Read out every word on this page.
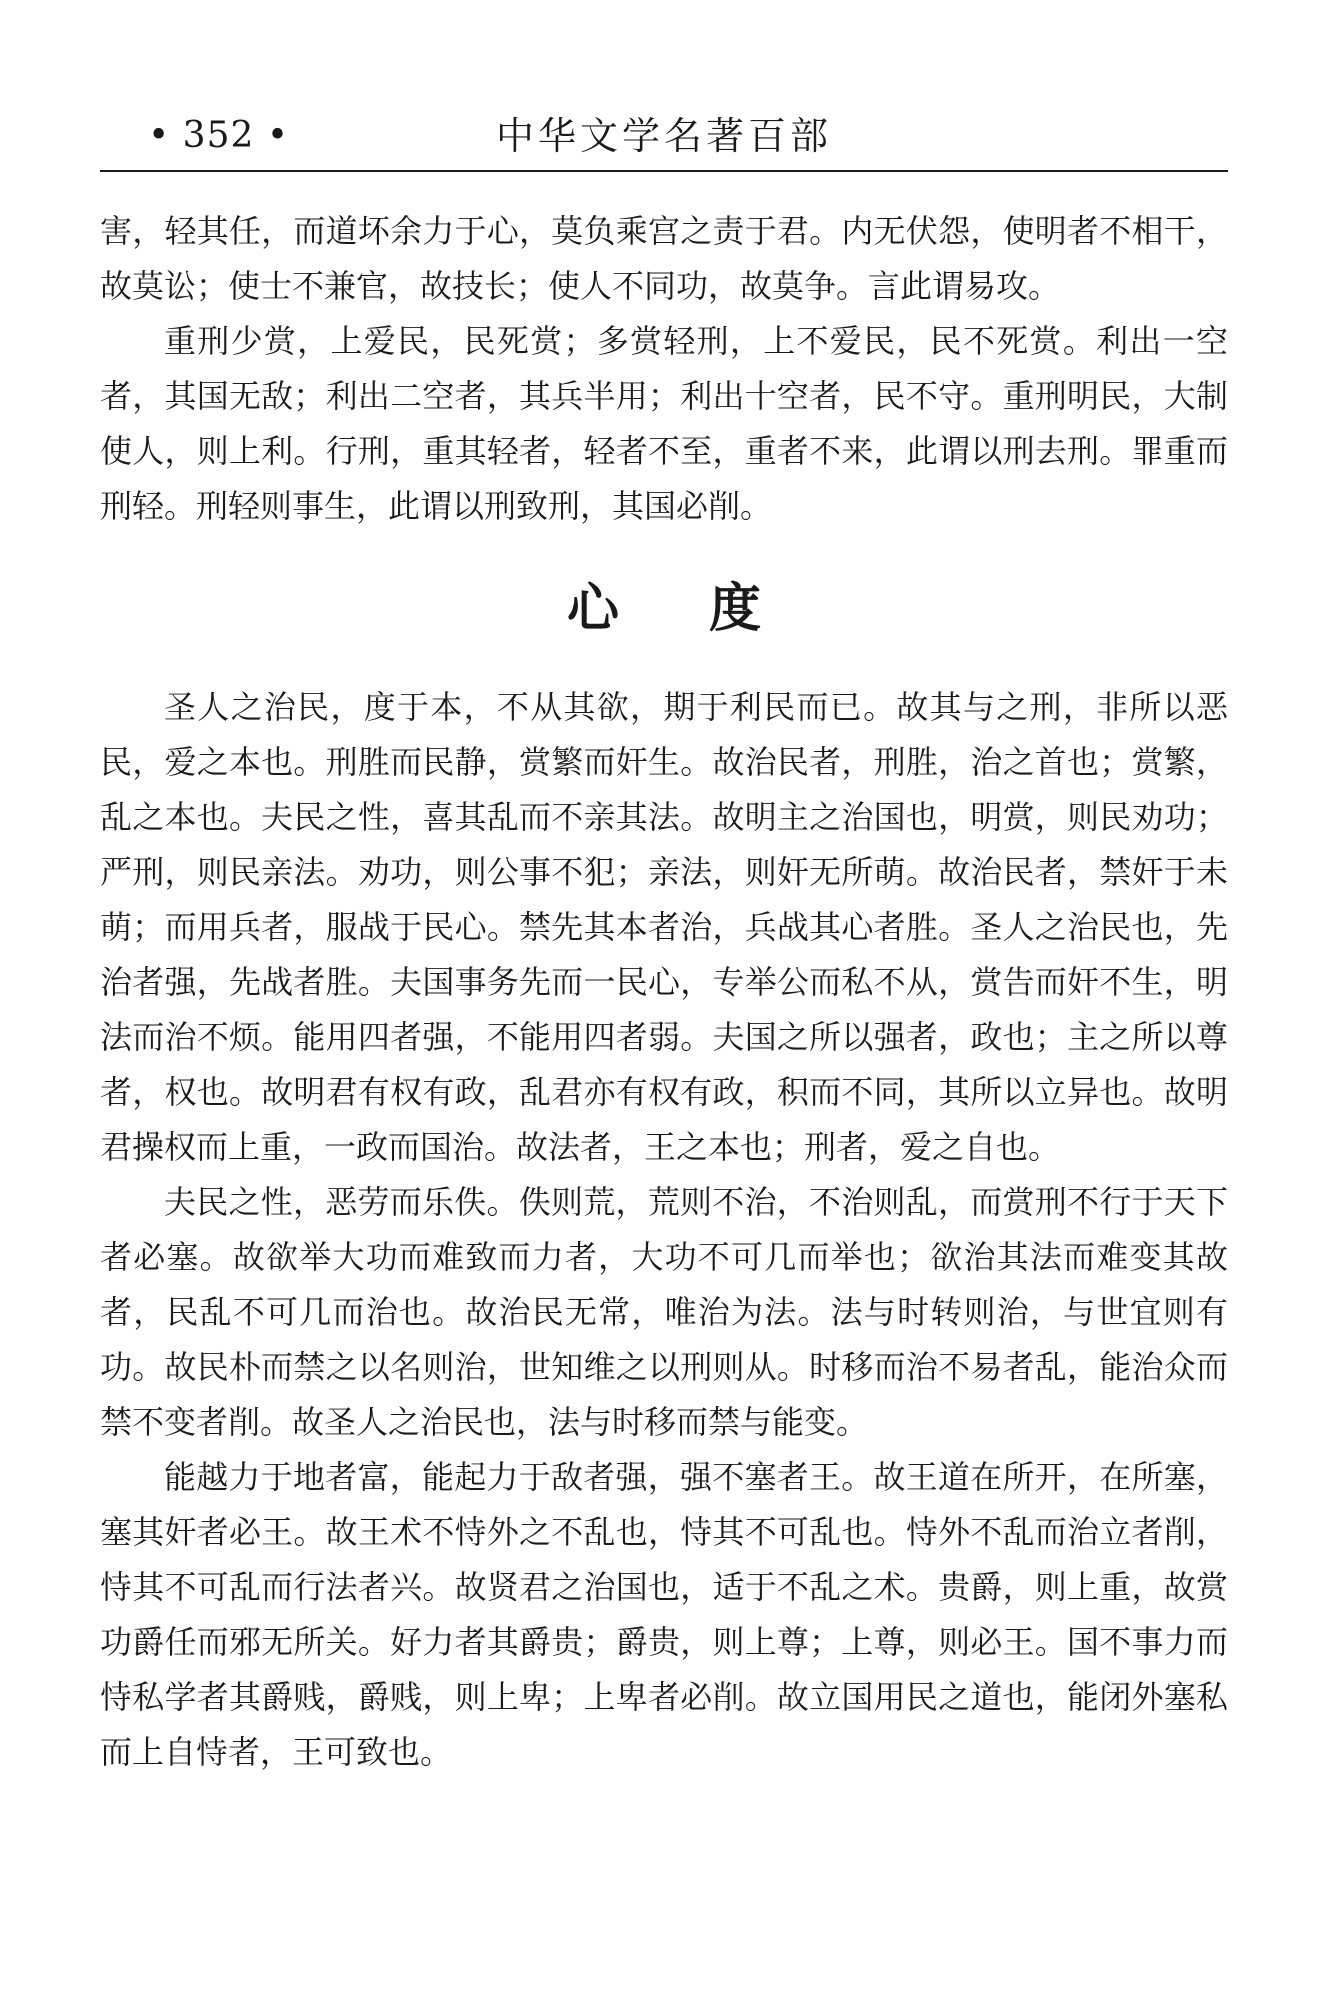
• 352 •	中华文学名著百部

害，轻其任，而道坏余力于心，莫负乘宫之责于君。内无伏怨，使明者不相干，故莫讼；使士不兼官，故技长；使人不同功，故莫争。言此谓易攻。

重刑少赏，上爱民，民死赏；多赏轻刑，上不爱民，民不死赏。利出一空者，其国无敌；利出二空者，其兵半用；利出十空者，民不守。重刑明民，大制使人，则上利。行刑，重其轻者，轻者不至，重者不来，此谓以刑去刑。罪重而刑轻。刑轻则事生，此谓以刑致刑，其国必削。

心度

圣人之治民，度于本，不从其欲，期于利民而已。故其与之刑，非所以恶民，爱之本也。刑胜而民静，赏繁而奸生。故治民者，刑胜，治之首也；赏繁，乱之本也。夫民之性，喜其乱而不亲其法。故明主之治国也，明赏，则民劝功；严刑，则民亲法。劝功，则公事不犯；亲法，则奸无所萌。故治民者，禁奸于未萌；而用兵者，服战于民心。禁先其本者治，兵战其心者胜。圣人之治民也，先治者强，先战者胜。夫国事务先而一民心，专举公而私不从，赏告而奸不生，明法而治不烦。能用四者强，不能用四者弱。夫国之所以强者，政也；主之所以尊者，权也。故明君有权有政，乱君亦有权有政，积而不同，其所以立异也。故明君操权而上重，一政而国治。故法者，王之本也；刑者，爱之自也。

夫民之性，恶劳而乐佚。佚则荒，荒则不治，不治则乱，而赏刑不行于天下者必塞。故欲举大功而难致而力者，大功不可几而举也；欲治其法而难变其故者，民乱不可几而治也。故治民无常，唯治为法。法与时转则治，与世宜则有功。故民朴而禁之以名则治，世知维之以刑则从。时移而治不易者乱，能治众而禁不变者削。故圣人之治民也，法与时移而禁与能变。

能越力于地者富，能起力于敌者强，强不塞者王。故王道在所开，在所塞，塞其奸者必王。故王术不恃外之不乱也，恃其不可乱也。恃外不乱而治立者削，恃其不可乱而行法者兴。故贤君之治国也，适于不乱之术。贵爵，则上重，故赏功爵任而邪无所关。好力者其爵贵；爵贵，则上尊；上尊，则必王。国不事力而恃私学者其爵贱，爵贱，则上卑；上卑者必削。故立国用民之道也，能闭外塞私而上自恃者，王可致也。
